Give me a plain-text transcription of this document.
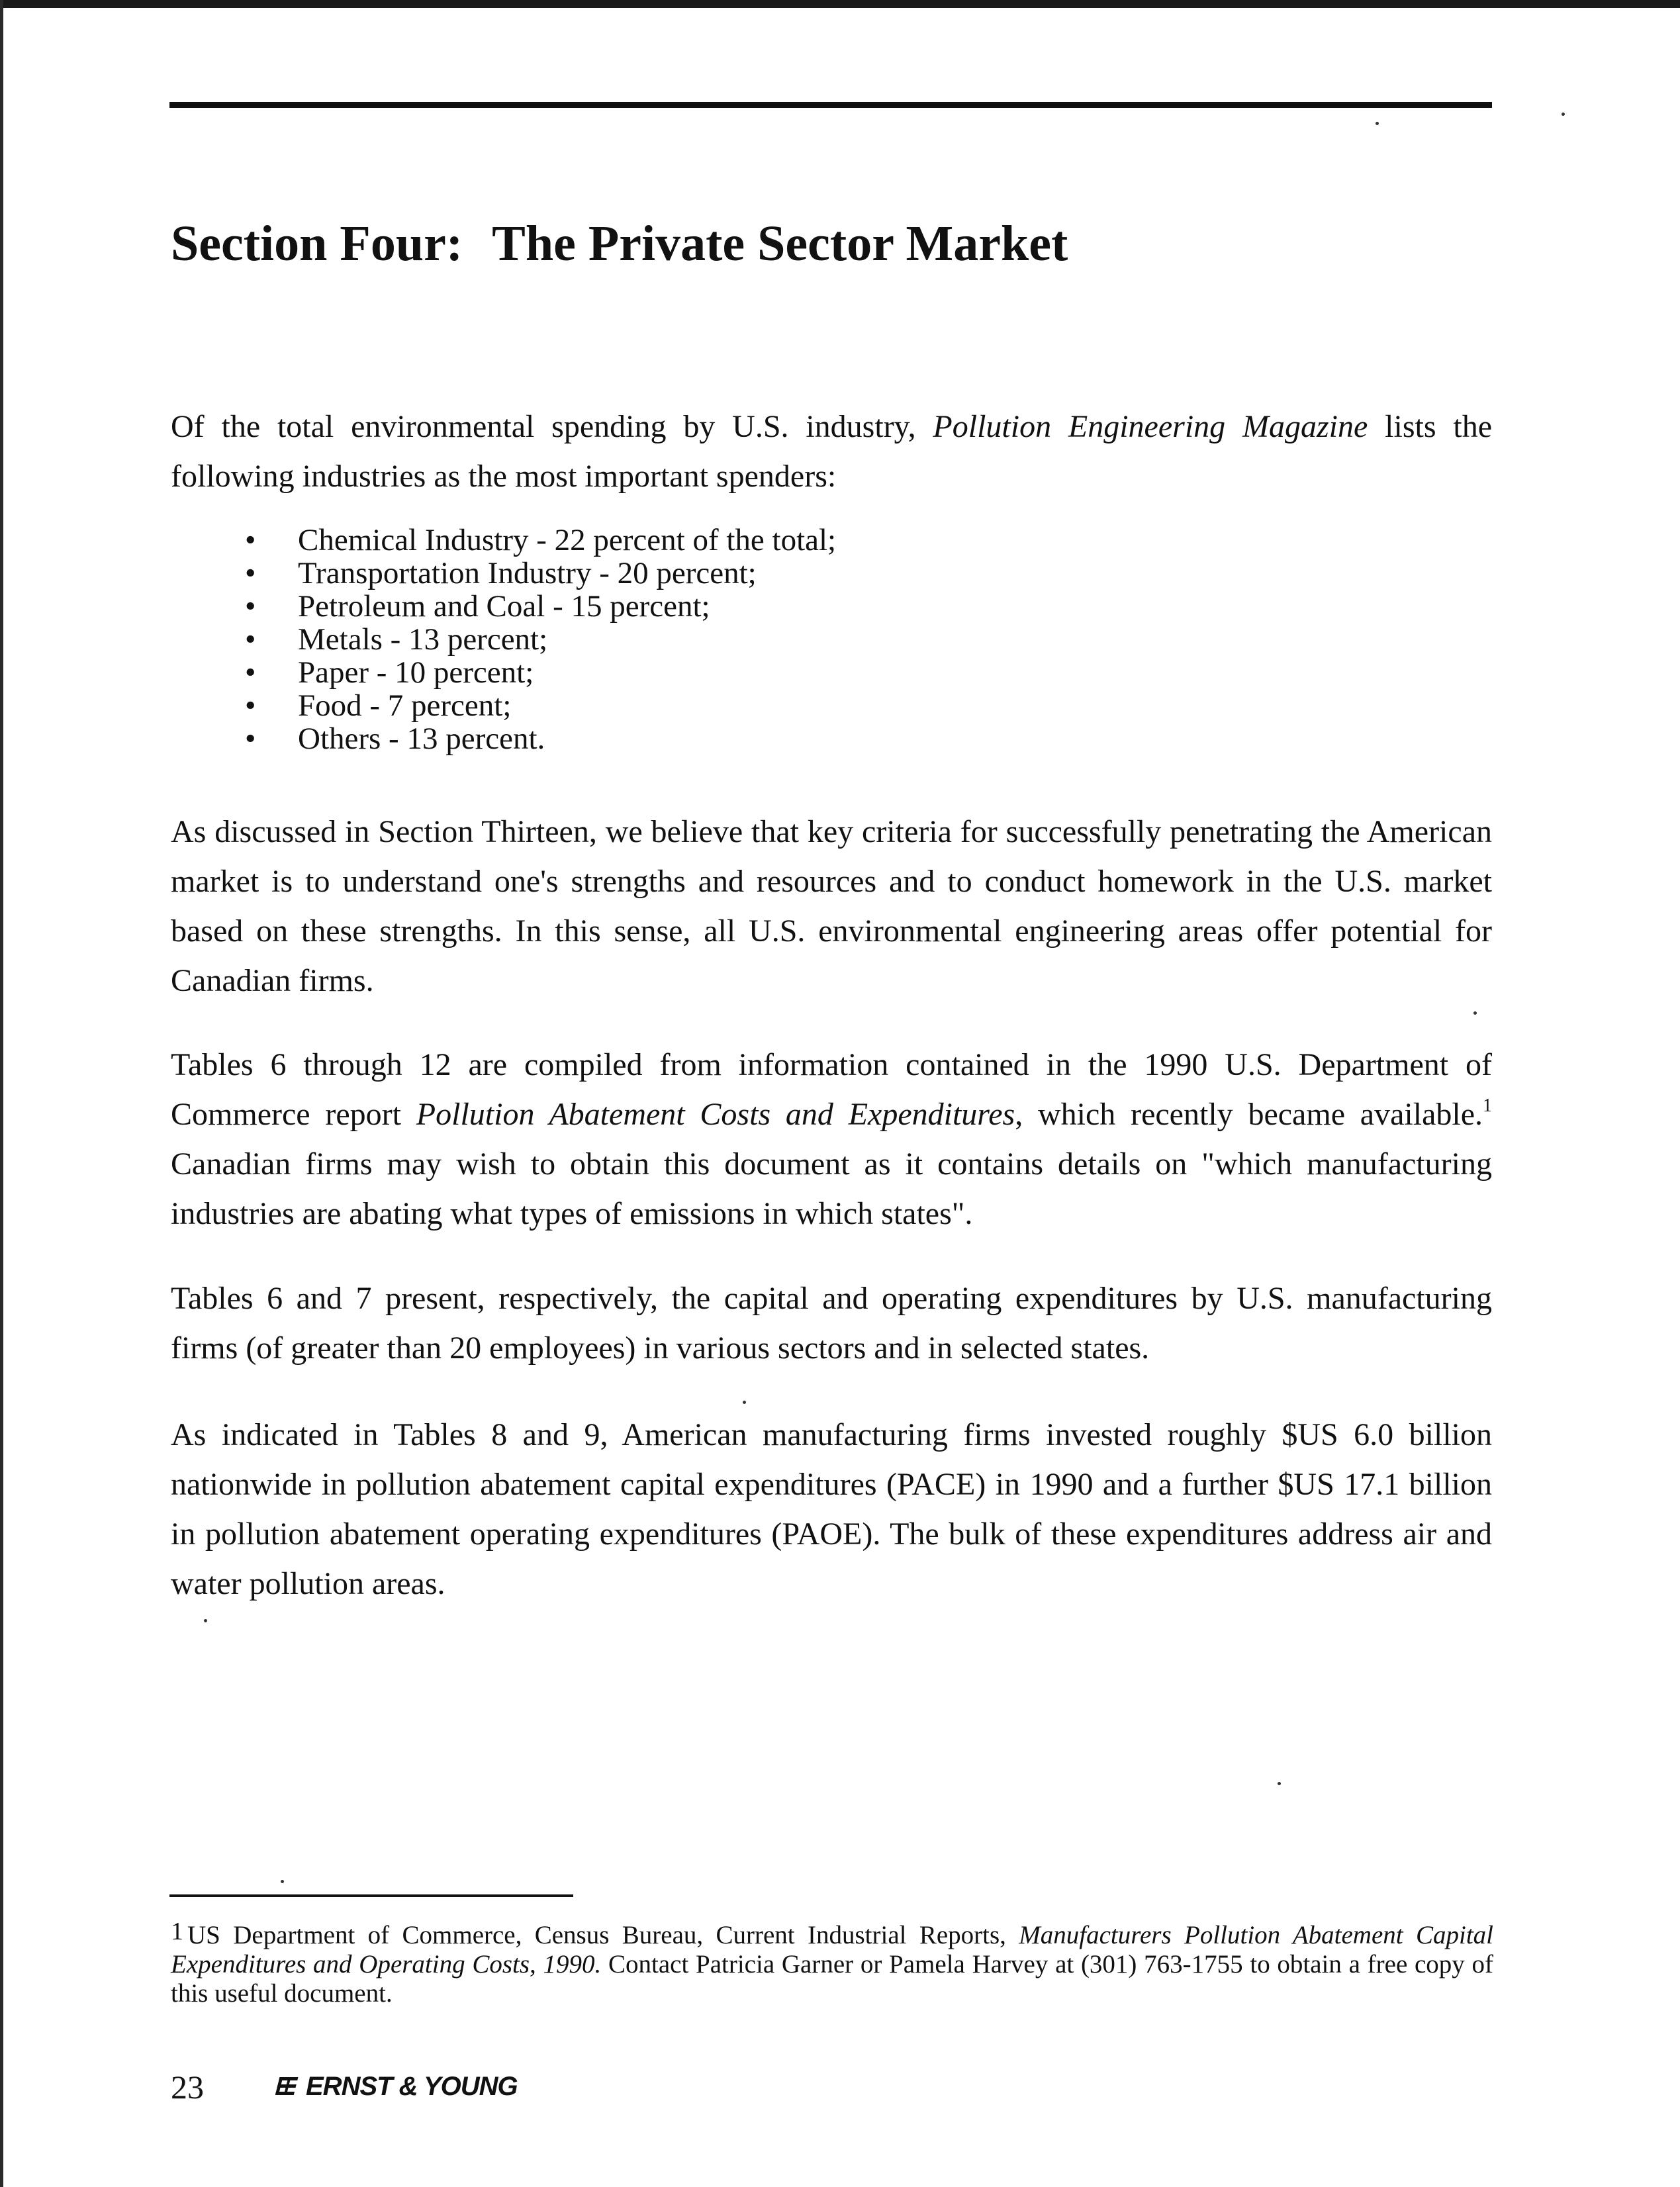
Section Four: The Private Sector Market

Of the total environmental spending by U.S. industry, Pollution Engineering Magazine lists the following industries as the most important spenders:

• Chemical Industry - 22 percent of the total;
• Transportation Industry - 20 percent;
• Petroleum and Coal - 15 percent;
• Metals - 13 percent;
• Paper - 10 percent;
• Food - 7 percent;
• Others - 13 percent.

As discussed in Section Thirteen, we believe that key criteria for successfully penetrating the American market is to understand one's strengths and resources and to conduct homework in the U.S. market based on these strengths. In this sense, all U.S. environmental engineering areas offer potential for Canadian firms.

Tables 6 through 12 are compiled from information contained in the 1990 U.S. Department of Commerce report Pollution Abatement Costs and Expenditures, which recently became available.$^1$ Canadian firms may wish to obtain this document as it contains details on "which manufacturing industries are abating what types of emissions in which states".

Tables 6 and 7 present, respectively, the capital and operating expenditures by U.S. manufacturing firms (of greater than 20 employees) in various sectors and in selected states.

As indicated in Tables 8 and 9, American manufacturing firms invested roughly $US 6.0 billion nationwide in pollution abatement capital expenditures (PACE) in 1990 and a further $US 17.1 billion in pollution abatement operating expenditures (PAOE). The bulk of these expenditures address air and water pollution areas.

1 US Department of Commerce, Census Bureau, Current Industrial Reports, Manufacturers Pollution Abatement Capital Expenditures and Operating Costs, 1990. Contact Patricia Garner or Pamela Harvey at (301) 763-1755 to obtain a free copy of this useful document.

23	ERNST & YOUNG
